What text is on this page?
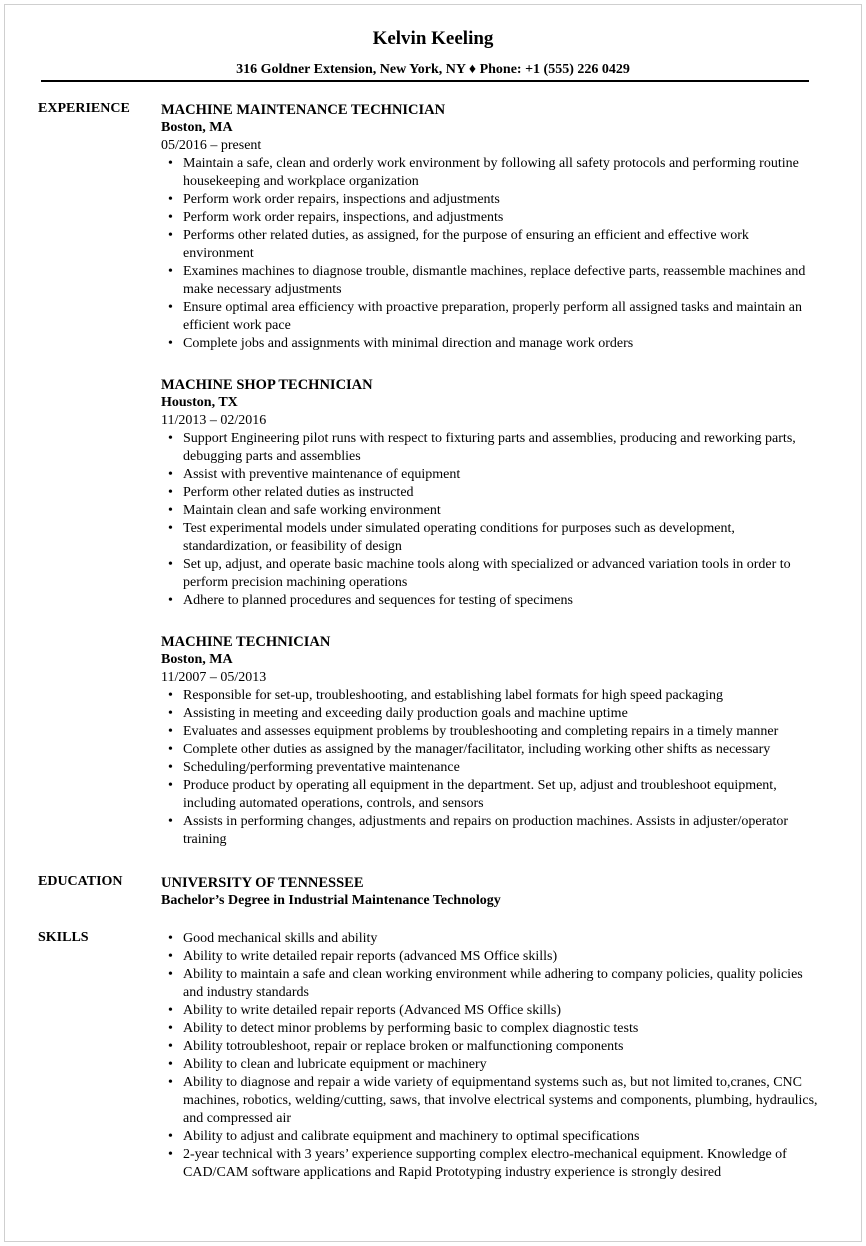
Kelvin Keeling
316 Goldner Extension, New York, NY ♦ Phone: +1 (555) 226 0429
EXPERIENCE MACHINE MAINTENANCE TECHNICIAN
Boston, MA
05/2016 – present
• Maintain a safe, clean and orderly work environment by following all safety protocols and performing routine housekeeping and workplace organization
• Perform work order repairs, inspections and adjustments
• Perform work order repairs, inspections, and adjustments
• Performs other related duties, as assigned, for the purpose of ensuring an efficient and effective work environment
• Examines machines to diagnose trouble, dismantle machines, replace defective parts, reassemble machines and make necessary adjustments
• Ensure optimal area efficiency with proactive preparation, properly perform all assigned tasks and maintain an efficient work pace
• Complete jobs and assignments with minimal direction and manage work orders
MACHINE SHOP TECHNICIAN
Houston, TX
11/2013 – 02/2016
• Support Engineering pilot runs with respect to fixturing parts and assemblies, producing and reworking parts, debugging parts and assemblies
• Assist with preventive maintenance of equipment
• Perform other related duties as instructed
• Maintain clean and safe working environment
• Test experimental models under simulated operating conditions for purposes such as development, standardization, or feasibility of design
• Set up, adjust, and operate basic machine tools along with specialized or advanced variation tools in order to perform precision machining operations
• Adhere to planned procedures and sequences for testing of specimens
MACHINE TECHNICIAN
Boston, MA
11/2007 – 05/2013
• Responsible for set-up, troubleshooting, and establishing label formats for high speed packaging
• Assisting in meeting and exceeding daily production goals and machine uptime
• Evaluates and assesses equipment problems by troubleshooting and completing repairs in a timely manner
• Complete other duties as assigned by the manager/facilitator, including working other shifts as necessary
• Scheduling/performing preventative maintenance
• Produce product by operating all equipment in the department. Set up, adjust and troubleshoot equipment, including automated operations, controls, and sensors
• Assists in performing changes, adjustments and repairs on production machines. Assists in adjuster/operator training
EDUCATION	UNIVERSITY OF TENNESSEE
Bachelor’s Degree in Industrial Maintenance Technology
SKILLS
•	Good mechanical skills and ability
• Ability to write detailed repair reports (advanced MS Office skills)
• Ability to maintain a safe and clean working environment while adhering to company policies, quality policies and industry standards
• Ability to write detailed repair reports (Advanced MS Office skills)
• Ability to detect minor problems by performing basic to complex diagnostic tests
• Ability totroubleshoot, repair or replace broken or malfunctioning components
• Ability to clean and lubricate equipment or machinery
• Ability to diagnose and repair a wide variety of equipmentand systems such as, but not limited to,cranes, CNC machines, robotics, welding/cutting, saws, that involve electrical systems and components, plumbing, hydraulics, and compressed air
• Ability to adjust and calibrate equipment and machinery to optimal specifications
• 2-year technical with 3 years’ experience supporting complex electro-mechanical equipment. Knowledge of CAD/CAM software applications and Rapid Prototyping industry experience is strongly desired
